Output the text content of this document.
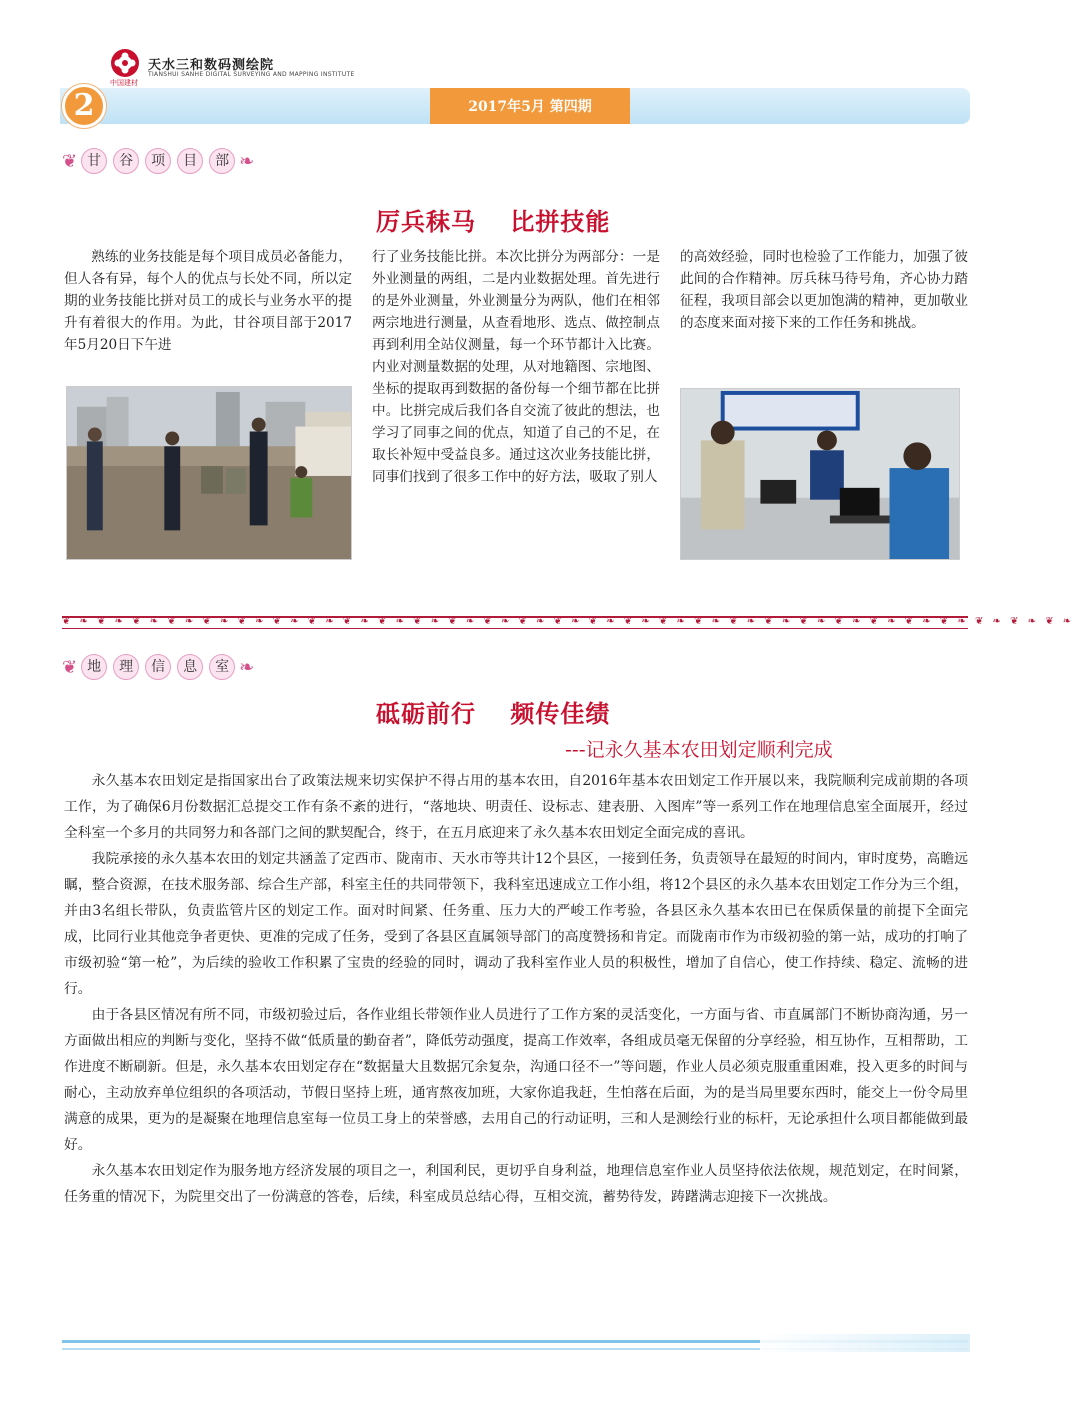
中国建材
天水三和数码测绘院
TIANSHUI SANHE DIGITAL SURVEYING AND MAPPING INSTITUTE
2017年5月 第四期
2
❦ 甘	谷	项	目	部 ❧
厉兵秣马　 比拼技能
熟练的业务技能是每个项目成员必备能力，但人各有异，每个人的优点与长处不同，所以定期的业务技能比拼对员工的成长与业务水平的提升有着很大的作用。为此，甘谷项目部于2017年5月20日下午进
行了业务技能比拼。本次比拼分为两部分：一是外业测量的两组，二是内业数据处理。首先进行的是外业测量，外业测量分为两队，他们在相邻两宗地进行测量，从查看地形、选点、做控制点再到利用全站仪测量，每一个环节都计入比赛。内业对测量数据的处理，从对地籍图、宗地图、坐标的提取再到数据的备份每一个细节都在比拼中。比拼完成后我们各自交流了彼此的想法，也学习了同事之间的优点，知道了自己的不足，在取长补短中受益良多。通过这次业务技能比拼，同事们找到了很多工作中的好方法，吸取了别人
的高效经验，同时也检验了工作能力，加强了彼此间的合作精神。厉兵秣马待号角，齐心协力踏征程，我项目部会以更加饱满的精神，更加敬业的态度来面对接下来的工作任务和挑战。
❦ ❧ ❦ ❧ ❦ ❧ ❦ ❧ ❦ ❧ ❦ ❧ ❦ ❧ ❦ ❧ ❦ ❧ ❦ ❧ ❦ ❧ ❦ ❧ ❦ ❧ ❦ ❧ ❦ ❧ ❦ ❧ ❦ ❧ ❦ ❧ ❦ ❧ ❦ ❧ ❦ ❧ ❦ ❧ ❦ ❧ ❦ ❧ ❦ ❧ ❦ ❧ ❦ ❧ ❦ ❧ ❦ ❧
❦ 地	理	信	息	室 ❧
砥砺前行　 频传佳绩
---记永久基本农田划定顺利完成

永久基本农田划定是指国家出台了政策法规来切实保护不得占用的基本农田，自2016年基本农田划定工作开展以来，我院顺利完成前期的各项工作，为了确保6月份数据汇总提交工作有条不紊的进行，“落地块、明责任、设标志、建表册、入图库”等一系列工作在地理信息室全面展开，经过全科室一个多月的共同努力和各部门之间的默契配合，终于，在五月底迎来了永久基本农田划定全面完成的喜讯。

我院承接的永久基本农田的划定共涵盖了定西市、陇南市、天水市等共计12个县区，一接到任务，负责领导在最短的时间内，审时度势，高瞻远瞩，整合资源，在技术服务部、综合生产部，科室主任的共同带领下，我科室迅速成立工作小组，将12个县区的永久基本农田划定工作分为三个组，并由3名组长带队，负责监管片区的划定工作。面对时间紧、任务重、压力大的严峻工作考验，各县区永久基本农田已在保质保量的前提下全面完成，比同行业其他竞争者更快、更准的完成了任务，受到了各县区直属领导部门的高度赞扬和肯定。而陇南市作为市级初验的第一站，成功的打响了市级初验“第一枪”，为后续的验收工作积累了宝贵的经验的同时，调动了我科室作业人员的积极性，增加了自信心，使工作持续、稳定、流畅的进行。

由于各县区情况有所不同，市级初验过后，各作业组长带领作业人员进行了工作方案的灵活变化，一方面与省、市直属部门不断协商沟通，另一方面做出相应的判断与变化，坚持不做“低质量的勤奋者”，降低劳动强度，提高工作效率，各组成员毫无保留的分享经验，相互协作，互相帮助，工作进度不断刷新。但是，永久基本农田划定存在“数据量大且数据冗余复杂，沟通口径不一”等问题，作业人员必须克服重重困难，投入更多的时间与耐心，主动放弃单位组织的各项活动，节假日坚持上班，通宵熬夜加班，大家你追我赶，生怕落在后面，为的是当局里要东西时，能交上一份令局里满意的成果，更为的是凝聚在地理信息室每一位员工身上的荣誉感，去用自己的行动证明，三和人是测绘行业的标杆，无论承担什么项目都能做到最好。

永久基本农田划定作为服务地方经济发展的项目之一，利国利民，更切乎自身利益，地理信息室作业人员坚持依法依规，规范划定，在时间紧，任务重的情况下，为院里交出了一份满意的答卷，后续，科室成员总结心得，互相交流，蓄势待发，踌躇满志迎接下一次挑战。
